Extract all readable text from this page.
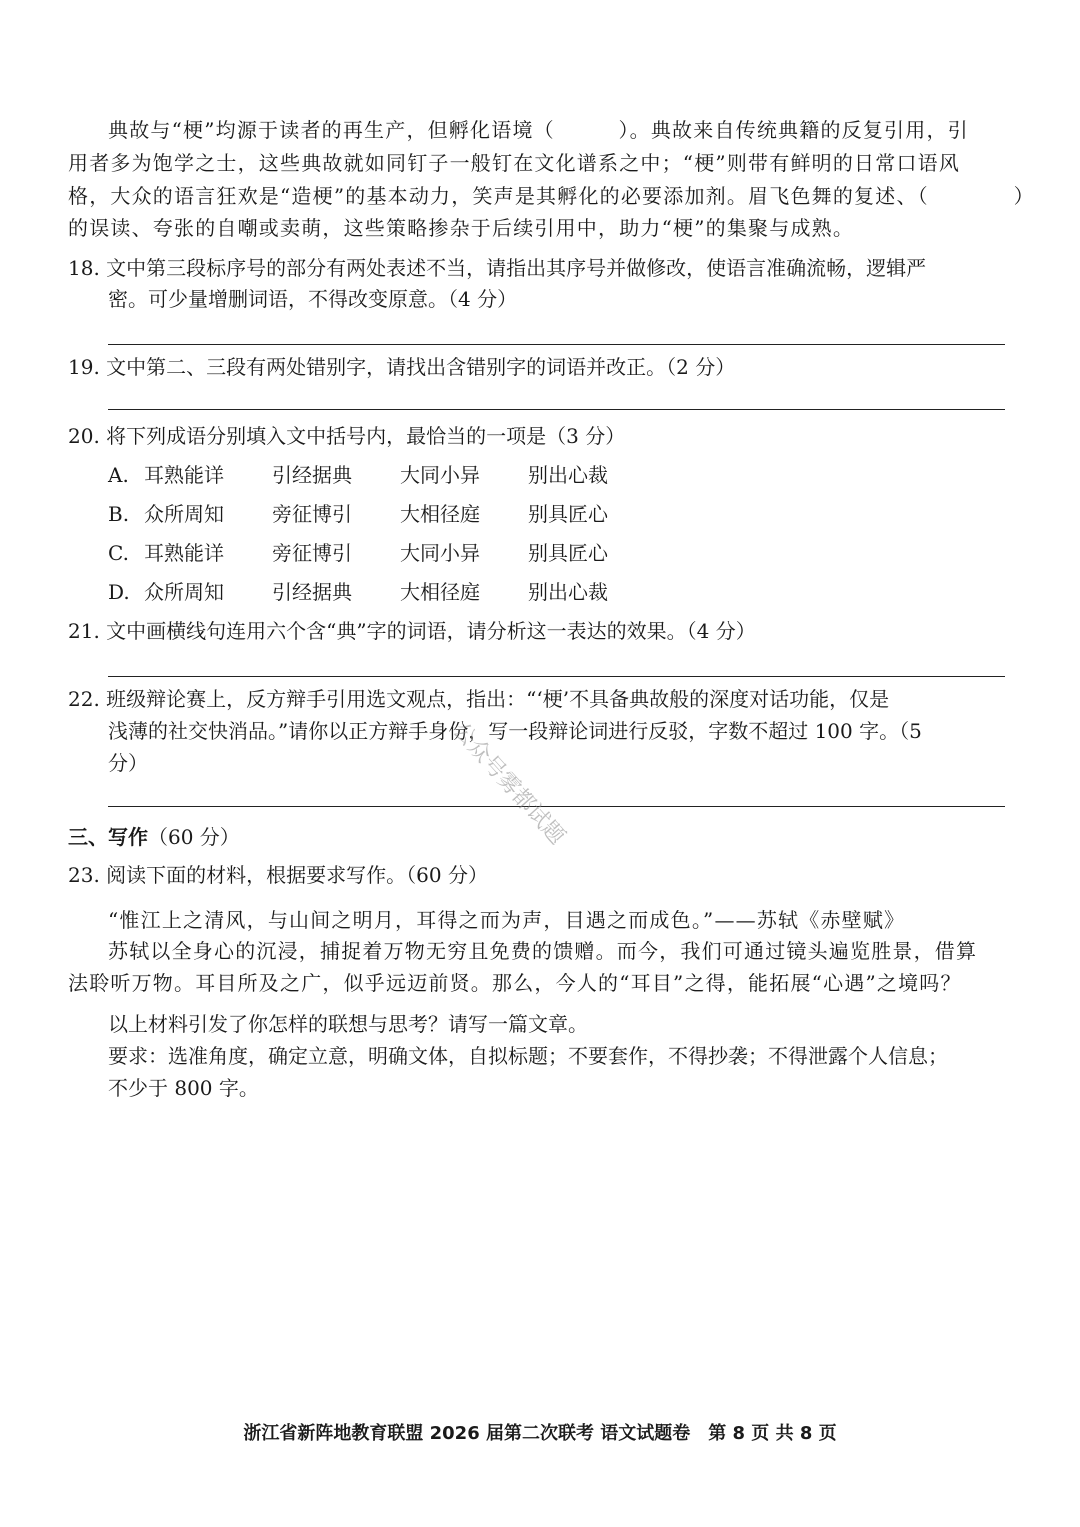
典故与“梗”均源于读者的再生产，但孵化语境（　　　）。典故来自传统典籍的反复引用，引
用者多为饱学之士，这些典故就如同钉子一般钉在文化谱系之中；“梗”则带有鲜明的日常口语风
格，大众的语言狂欢是“造梗”的基本动力，笑声是其孵化的必要添加剂。眉飞色舞的复述、（　　　　）
的误读、夸张的自嘲或卖萌，这些策略掺杂于后续引用中，助力“梗”的集聚与成熟。
18. 文中第三段标序号的部分有两处表述不当，请指出其序号并做修改，使语言准确流畅，逻辑严
密。可少量增删词语，不得改变原意。（4 分）
19. 文中第二、三段有两处错别字，请找出含错别字的词语并改正。（2 分）
20. 将下列成语分别填入文中括号内，最恰当的一项是（3 分）
A. 耳熟能详 引经据典 大同小异 别出心裁
B. 众所周知 旁征博引 大相径庭 别具匠心
C. 耳熟能详 旁征博引 大同小异 别具匠心
D. 众所周知 引经据典 大相径庭 别出心裁
21. 文中画横线句连用六个含“典”字的词语，请分析这一表达的效果。（4 分）
22. 班级辩论赛上，反方辩手引用选文观点，指出：“‘梗’不具备典故般的深度对话功能，仅是
浅薄的社交快消品。”请你以正方辩手身份，写一段辩论词进行反驳，字数不超过 100 字。（5
分）
三、写作（60 分）
23. 阅读下面的材料，根据要求写作。（60 分）
“惟江上之清风，与山间之明月，耳得之而为声，目遇之而成色。”——苏轼《赤壁赋》
苏轼以全身心的沉浸，捕捉着万物无穷且免费的馈赠。而今，我们可通过镜头遍览胜景，借算
法聆听万物。耳目所及之广，似乎远迈前贤。那么，今人的“耳目”之得，能拓展“心遇”之境吗？
以上材料引发了你怎样的联想与思考？请写一篇文章。
要求：选准角度，确定立意，明确文体，自拟标题；不要套作，不得抄袭；不得泄露个人信息；
不少于 800 字。
公众号雾都试题
浙江省新阵地教育联盟 2026 届第二次联考 语文试题卷　第 8 页 共 8 页
